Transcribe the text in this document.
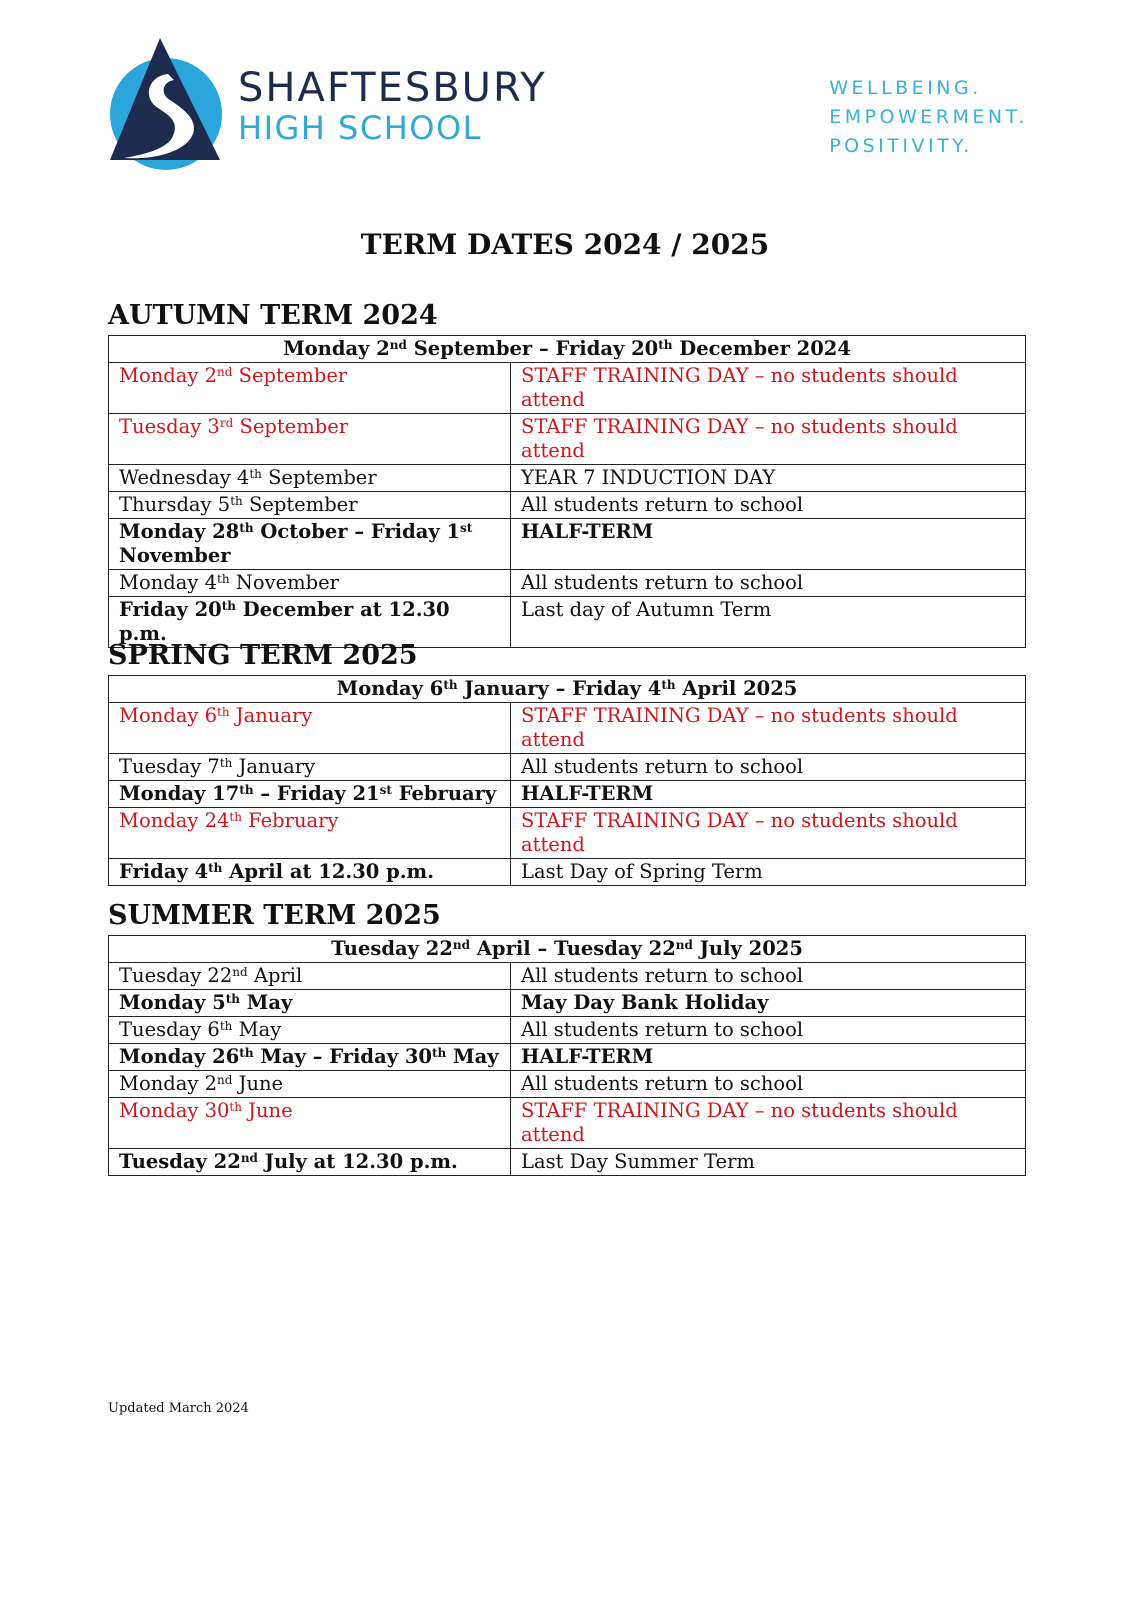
SHAFTESBURY
HIGH SCHOOL
WELLBEING.
EMPOWERMENT.
POSITIVITY.
TERM DATES 2024 / 2025
AUTUMN TERM 2024
Monday 2nd September – Friday 20th December 2024	
Monday 2nd September	STAFF TRAINING DAY – no students should attend
Tuesday 3rd September	STAFF TRAINING DAY – no students should attend
Wednesday 4th September	YEAR 7 INDUCTION DAY
Thursday 5th September	All students return to school
Monday 28th October – Friday 1st November	HALF-TERM
Monday 4th November	All students return to school
Friday 20th December at 12.30 p.m.	Last day of Autumn Term
SPRING TERM 2025
Monday 6th January – Friday 4th April 2025	
Monday 6th January	STAFF TRAINING DAY – no students should attend
Tuesday 7th January	All students return to school
Monday 17th – Friday 21st February	HALF-TERM
Monday 24th February	STAFF TRAINING DAY – no students should attend
Friday 4th April at 12.30 p.m.	Last Day of Spring Term
SUMMER TERM 2025
Tuesday 22nd April – Tuesday 22nd July 2025	
Tuesday 22nd April	All students return to school
Monday 5th May	May Day Bank Holiday
Tuesday 6th May	All students return to school
Monday 26th May – Friday 30th May	HALF-TERM
Monday 2nd June	All students return to school
Monday 30th June	STAFF TRAINING DAY – no students should attend
Tuesday 22nd July at 12.30 p.m.	Last Day Summer Term
Updated March 2024
